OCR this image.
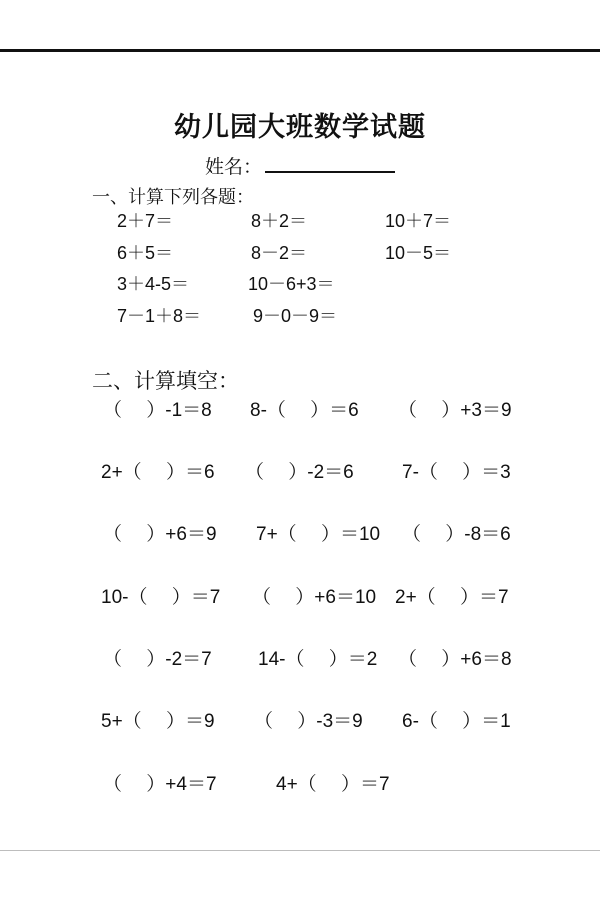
幼儿园大班数学试题
姓名：
一、计算下列各题：
2＋7＝	8＋2＝	10＋7＝
6＋5＝	8－2＝	10－5＝
3＋4-5＝	10－6+3＝
7－1＋8＝	9－0－9＝
二、计算填空：
（　 ）-1＝8 8-（　 ）＝6 （　 ）+3＝9
2+（　 ）＝6 （　 ）-2＝6	7-（　 ）＝3
（　 ）+6＝9 7+（　 ）＝10 （　 ）-8＝6
10-（　 ）＝7 （　 ）+6＝10 2+（　 ）＝7
（　 ）-2＝7 14-（　 ）＝2 （　 ）+6＝8
5+（　 ）＝9 （　 ）-3＝9 6-（　 ）＝1
（　 ）+4＝7	4+（　 ）＝7
